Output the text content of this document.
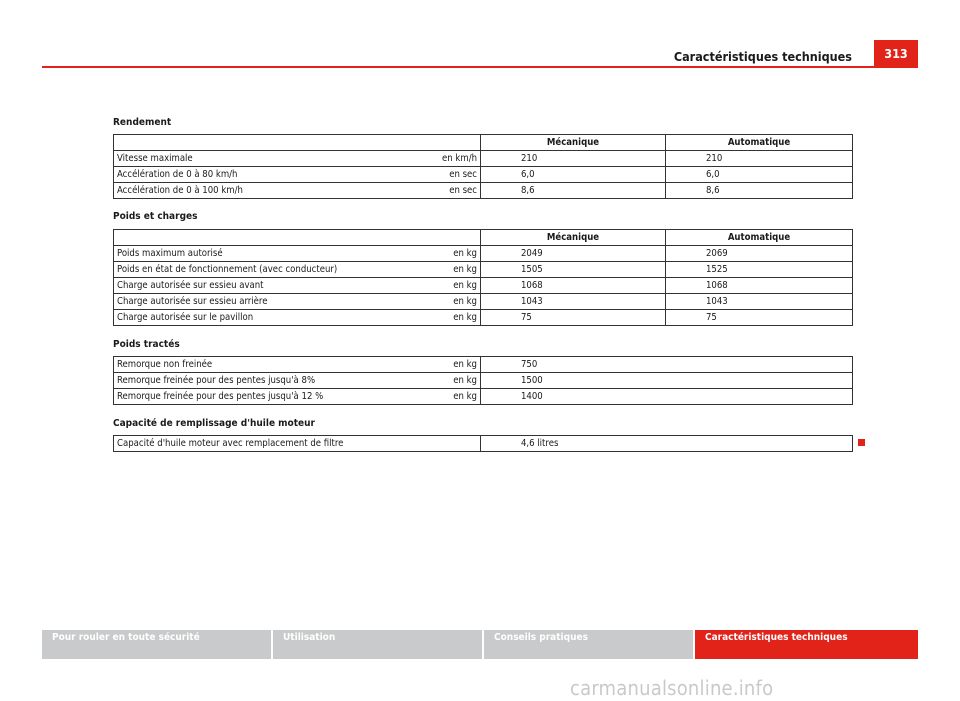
Caractéristiques techniques	313
Rendement
		Mécanique	Automatique
Vitesse maximale	en km/h	210	210
Accélération de 0 à 80 km/h	en sec	6,0	6,0
Accélération de 0 à 100 km/h	en sec	8,6	8,6
Poids et charges
		Mécanique	Automatique
Poids maximum autorisé	en kg	2049	2069
Poids en état de fonctionnement (avec conducteur)	en kg	1505	1525
Charge autorisée sur essieu avant	en kg	1068	1068
Charge autorisée sur essieu arrière	en kg	1043	1043
Charge autorisée sur le pavillon	en kg	75	75
Poids tractés
Remorque non freinée	en kg	750
Remorque freinée pour des pentes jusqu'à 8%	en kg	1500
Remorque freinée pour des pentes jusqu'à 12 %	en kg	1400
Capacité de remplissage d'huile moteur
Capacité d'huile moteur avec remplacement de filtre	4,6 litres
Pour rouler en toute sécurité	Utilisation	Conseils pratiques	Caractéristiques techniques
carmanualsonline.info
